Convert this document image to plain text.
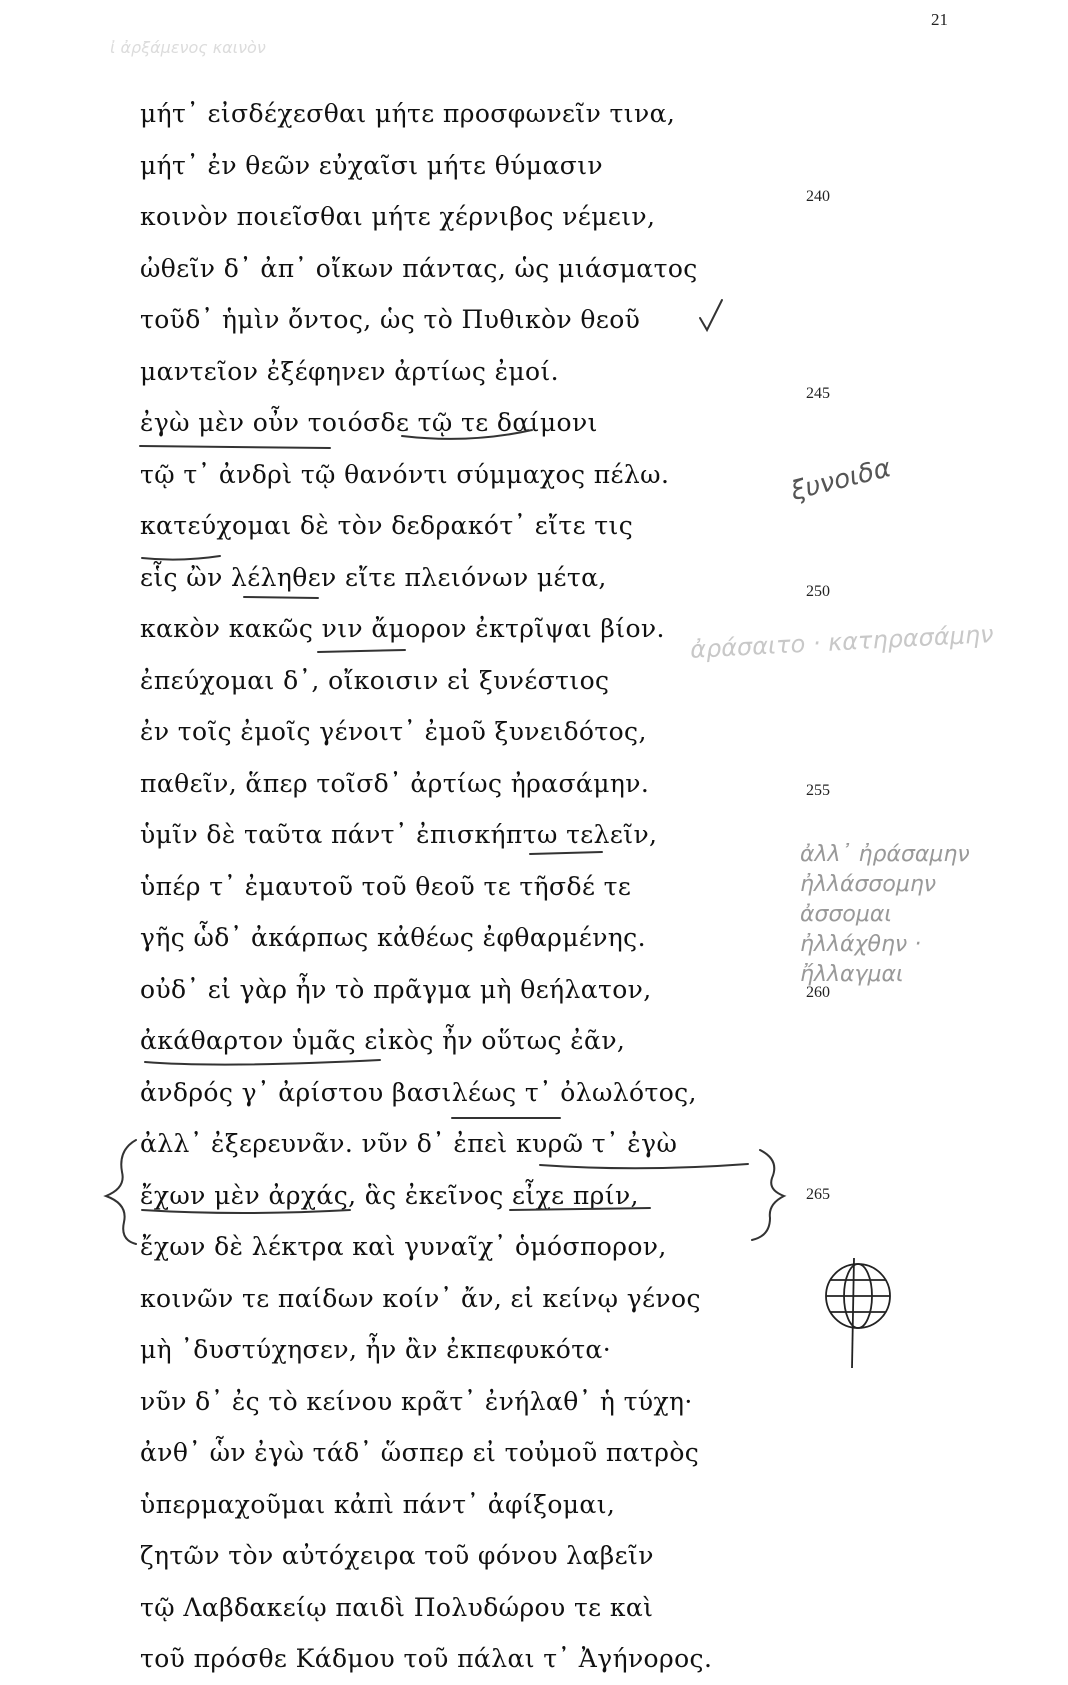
21
ἰ ἀρξάμενος καινὸν
μήτ᾽ εἰσδέχεσθαι μήτε προσφωνεῖν τινα,
μήτ᾽ ἐν θεῶν εὐχαῖσι μήτε θύμασιν
κοινὸν ποιεῖσθαι μήτε χέρνιβος νέμειν,
ὠθεῖν δ᾽ ἀπ᾽ οἴκων πάντας, ὡς μιάσματος
τοῦδ᾽ ἡμὶν ὄντος, ὡς τὸ Πυθικὸν θεοῦ
μαντεῖον ἐξέφηνεν ἀρτίως ἐμοί.
ἐγὼ μὲν οὖν τοιόσδε τῷ τε δαίμονι
τῷ τ᾽ ἀνδρὶ τῷ θανόντι σύμμαχος πέλω.
κατεύχομαι δὲ τὸν δεδρακότ᾽ εἴτε τις
εἷς ὢν λέληθεν εἴτε πλειόνων μέτα,
κακὸν κακῶς νιν ἄμορον ἐκτρῖψαι βίον.
ἐπεύχομαι δ᾽, οἴκοισιν εἰ ξυνέστιος
ἐν τοῖς ἐμοῖς γένοιτ᾽ ἐμοῦ ξυνειδότος,
παθεῖν, ἅπερ τοῖσδ᾽ ἀρτίως ἠρασάμην.
ὑμῖν δὲ ταῦτα πάντ᾽ ἐπισκήπτω τελεῖν,
ὑπέρ τ᾽ ἐμαυτοῦ τοῦ θεοῦ τε τῆσδέ τε
γῆς ὧδ᾽ ἀκάρπως κἀθέως ἐφθαρμένης.
οὐδ᾽ εἰ γὰρ ἦν τὸ πρᾶγμα μὴ θεήλατον,
ἀκάθαρτον ὑμᾶς εἰκὸς ἦν οὕτως ἐᾶν,
ἀνδρός γ᾽ ἀρίστου βασιλέως τ᾽ ὀλωλότος,
ἀλλ᾽ ἐξερευνᾶν. νῦν δ᾽ ἐπεὶ κυρῶ τ᾽ ἐγὼ
ἔχων μὲν ἀρχάς, ἃς ἐκεῖνος εἶχε πρίν,
ἔχων δὲ λέκτρα καὶ γυναῖχ᾽ ὁμόσπορον,
κοινῶν τε παίδων κοίν᾽ ἄν, εἰ κείνῳ γένος
μὴ ᾽δυστύχησεν, ἦν ἂν ἐκπεφυκότα·
νῦν δ᾽ ἐς τὸ κείνου κρᾶτ᾽ ἐνήλαθ᾽ ἡ τύχη·
ἀνθ᾽ ὧν ἐγὼ τάδ᾽ ὥσπερ εἰ τοὐμοῦ πατρὸς
ὑπερμαχοῦμαι κἀπὶ πάντ᾽ ἀφίξομαι,
ζητῶν τὸν αὐτόχειρα τοῦ φόνου λαβεῖν
τῷ Λαβδακείῳ παιδὶ Πολυδώρου τε καὶ
τοῦ πρόσθε Κάδμου τοῦ πάλαι τ᾽ Ἀγήνορος.
240
245
250
255
260
265
ξυνοιδα
ἀράσαιτο · κατηρασάμην
ἀλλ᾽ ἠράσαμην
ἠλλάσσομην
ἀσσομαι
ἠλλάχθην ·
ἤλλαγμαι
